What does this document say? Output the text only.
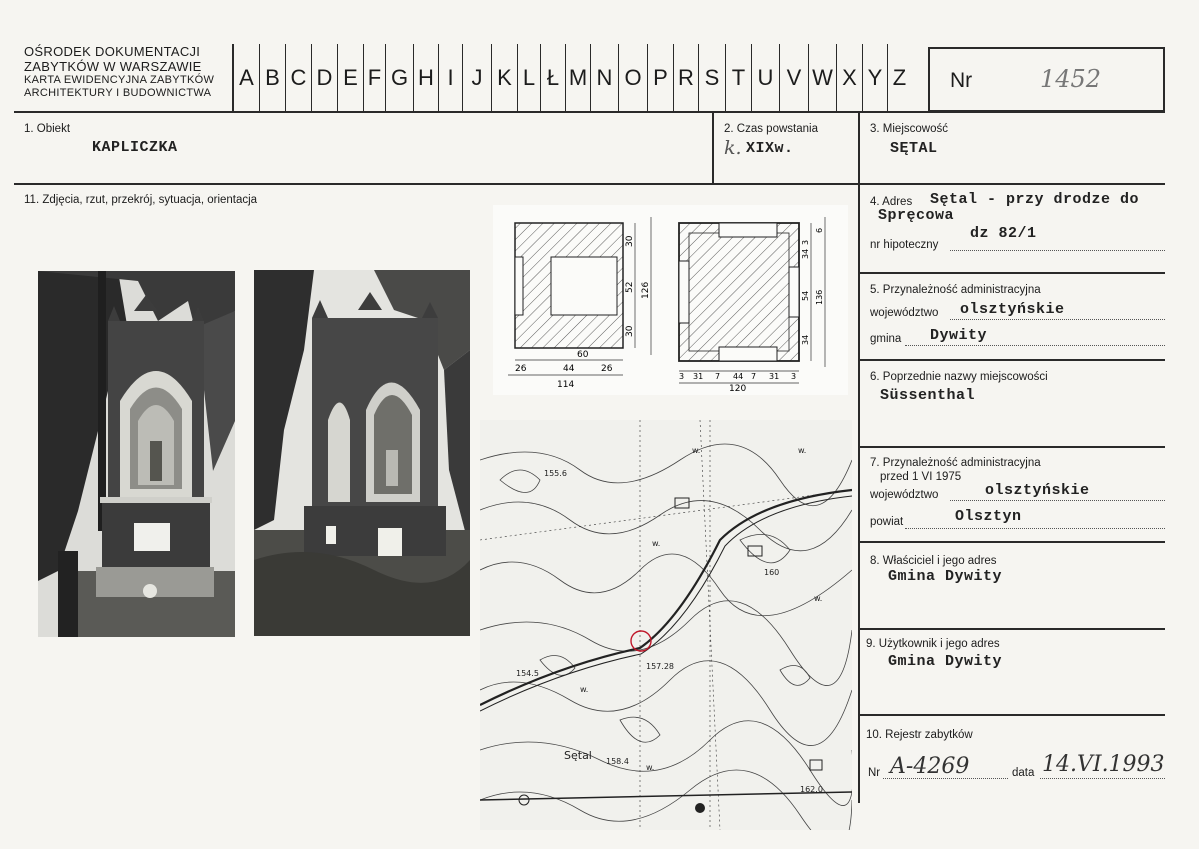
OŚRODEK DOKUMENTACJI
ZABYTKÓW W WARSZAWIE
KARTA EWIDENCYJNA ZABYTKÓW
ARCHITEKTURY I BUDOWNICTWA
A B C D E F G H I J K L Ł M N O P R S T U V W X Y Z Nr	1452
1. Obiekt
KAPLICZKA
2. Czas powstania
k. XIXw.
3. Miejscowość
SĘTAL
11. Zdjęcia, rzut, przekrój, sytuacja, orientacja	4. Adres Sętal - przy drodze do
Spręcowa
dz 82/1
nr hipoteczny
5. Przynależność administracyjna
województwo olsztyńskie
gmina Dywity
6. Poprzednie nazwy miejscowości
Süssenthal
7. Przynależność administracyjna
przed 1 VI 1975
województwo	olsztyńskie
powiat	Olsztyn
8. Właściciel i jego adres
Gmina Dywity
9. Użytkownik i jego adres
Gmina Dywity
10. Rejestr zabytków
Nr A-4269	data 14.VI.1993
30
52
30
126
60
26	44	26
114
3
34
54
34
6
136
3 31 7 44 7 31 3
120
155.6
154.5
157.28
158.4
162.0
160
Sętal
w.	w.
w.
w.
w.
w.
